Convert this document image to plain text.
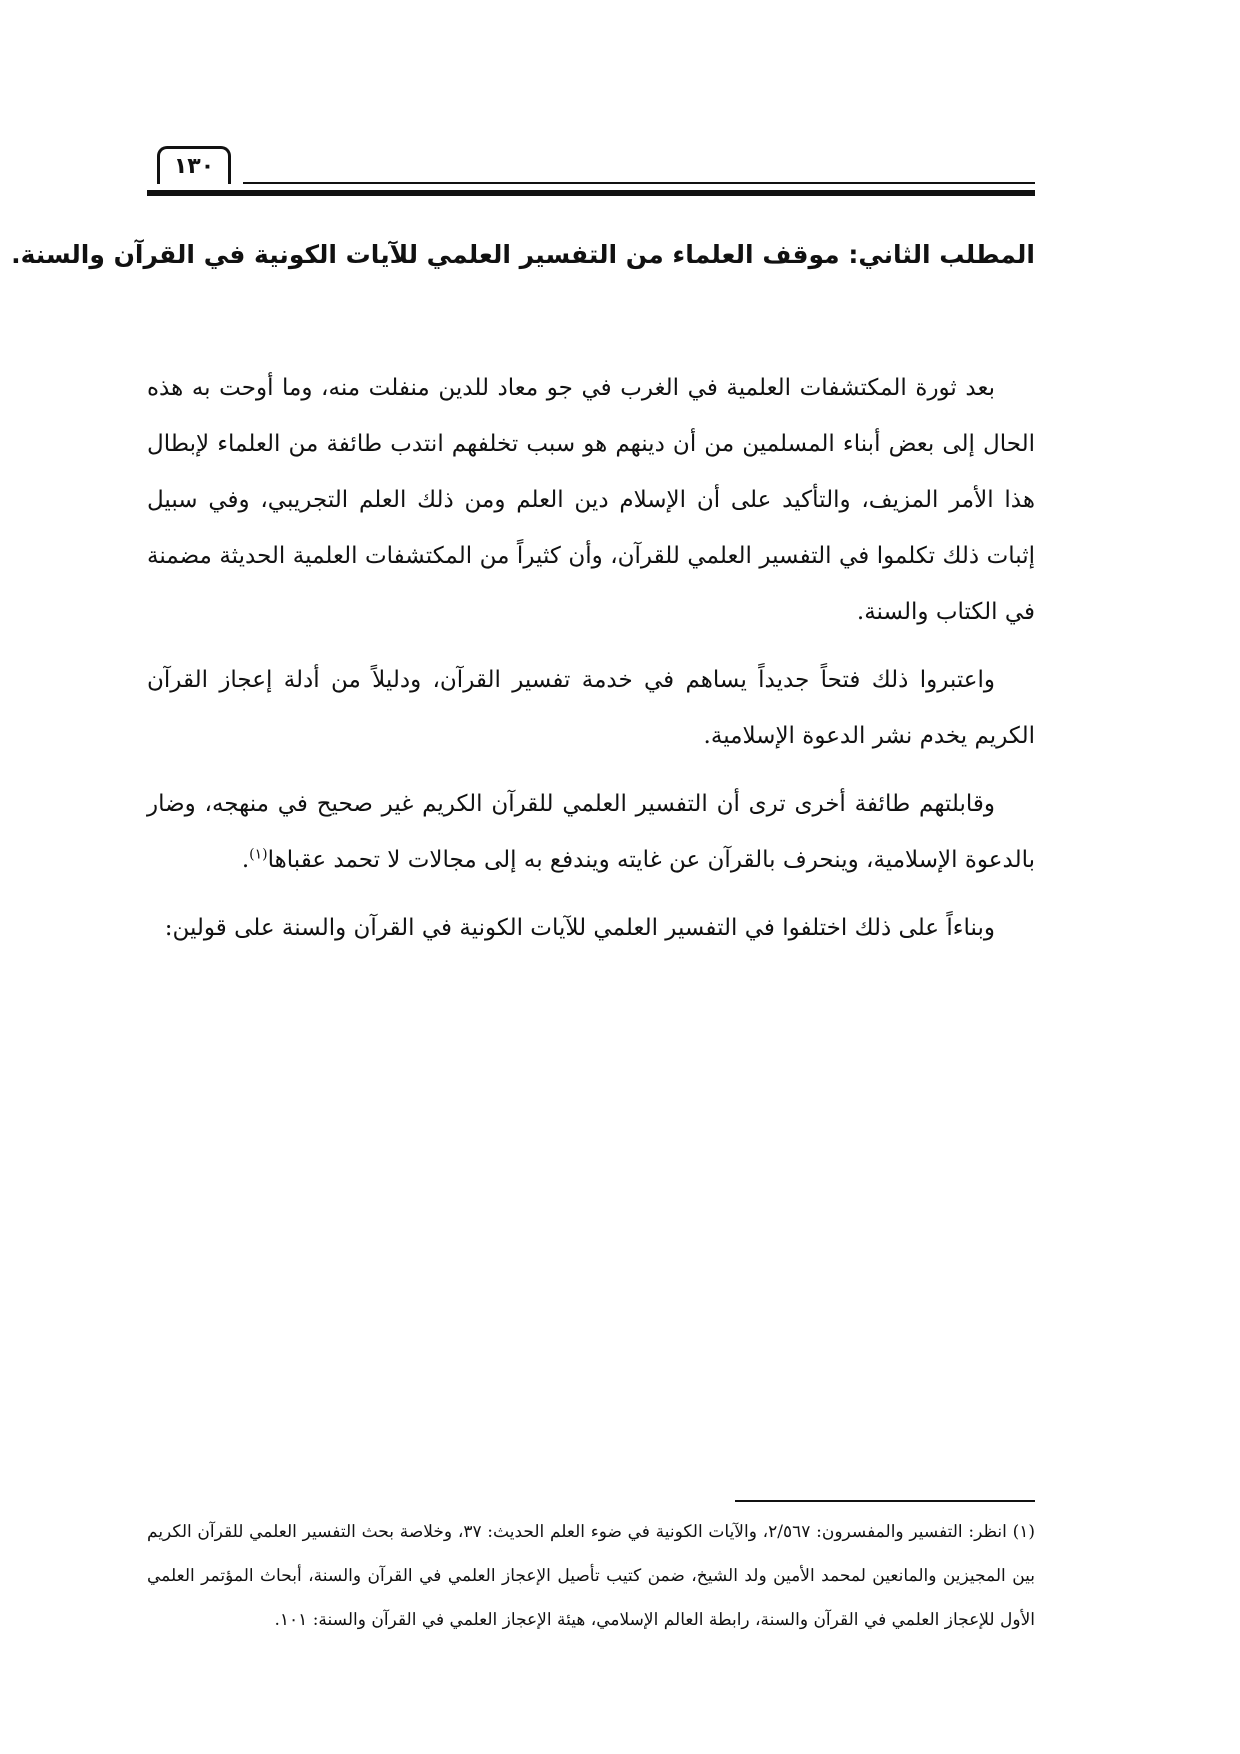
١٣٠
المطلب الثاني: موقف العلماء من التفسير العلمي للآيات الكونية في القرآن والسنة.

بعد ثورة المكتشفات العلمية في الغرب في جو معاد للدين منفلت منه، وما أوحت به هذه الحال إلى بعض أبناء المسلمين من أن دينهم هو سبب تخلفهم انتدب طائفة من العلماء لإبطال هذا الأمر المزيف، والتأكيد على أن الإسلام دين العلم ومن ذلك العلم التجريبي، وفي سبيل إثبات ذلك تكلموا في التفسير العلمي للقرآن، وأن كثيراً من المكتشفات العلمية الحديثة مضمنة في الكتاب والسنة.

واعتبروا ذلك فتحاً جديداً يساهم في خدمة تفسير القرآن، ودليلاً من أدلة إعجاز القرآن الكريم يخدم نشر الدعوة الإسلامية.

وقابلتهم طائفة أخرى ترى أن التفسير العلمي للقرآن الكريم غير صحيح في منهجه، وضار بالدعوة الإسلامية، وينحرف بالقرآن عن غايته ويندفع به إلى مجالات لا تحمد عقباها$^{(١)}$.

وبناءاً على ذلك اختلفوا في التفسير العلمي للآيات الكونية في القرآن والسنة على قولين:

(١) انظر: التفسير والمفسرون: ٢/٥٦٧، والآيات الكونية في ضوء العلم الحديث: ٣٧، وخلاصة بحث التفسير العلمي للقرآن الكريم بين المجيزين والمانعين لمحمد الأمين ولد الشيخ، ضمن كتيب تأصيل الإعجاز العلمي في القرآن والسنة، أبحاث المؤتمر العلمي الأول للإعجاز العلمي في القرآن والسنة، رابطة العالم الإسلامي، هيئة الإعجاز العلمي في القرآن والسنة: ١٠١.
